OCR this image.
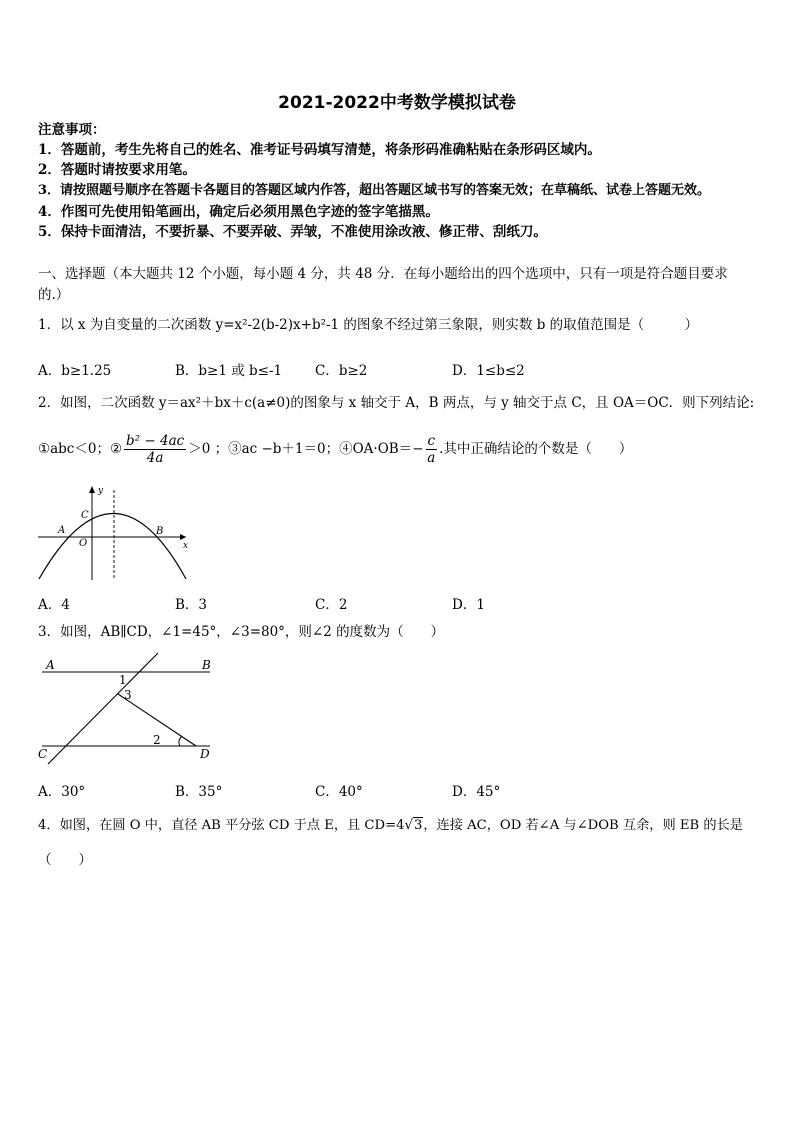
2021-2022中考数学模拟试卷
注意事项：
1．答题前，考生先将自己的姓名、准考证号码填写清楚，将条形码准确粘贴在条形码区域内。
2．答题时请按要求用笔。
3．请按照题号顺序在答题卡各题目的答题区域内作答，超出答题区域书写的答案无效；在草稿纸、试卷上答题无效。
4．作图可先使用铅笔画出，确定后必须用黑色字迹的签字笔描黑。
5．保持卡面清洁，不要折暴、不要弄破、弄皱，不准使用涂改液、修正带、刮纸刀。
一、选择题（本大题共 12 个小题，每小题 4 分，共 48 分．在每小题给出的四个选项中，只有一项是符合题目要求
的.）
1．以 x 为自变量的二次函数 y=x²-2(b-2)x+b²-1 的图象不经过第三象限，则实数 b 的取值范围是（　　　）
A．b≥1.25	B．b≥1 或 b≤-1 C．b≥2	D．1≤b≤2
2．如图，二次函数 y＝ax²＋bx＋c(a≠0)的图象与 x 轴交于 A，B 两点，与 y 轴交于点 C，且 OA＝OC．则下列结论:
①abc＜0；② $\frac{\text{b² − 4ac}}{4a} >0$ ；③ac −b＋1＝0；④OA·OB＝− $\frac{c}{a}$ .其中正确结论的个数是（　　）
y
x
A	B
C
O
A．4	B．3	C．2	D．1
3．如图，AB∥CD，∠1=45°，∠3=80°，则∠2 的度数为（　　）
A	B
C	D
1
3
2
A．30°	B．35°	C．40°	D．45°
4．如图，在圆 O 中，直径 AB 平分弦 CD 于点 E，且 CD=4√3，连接 AC，OD 若∠A 与∠DOB 互余，则 EB 的长是
（　　）
